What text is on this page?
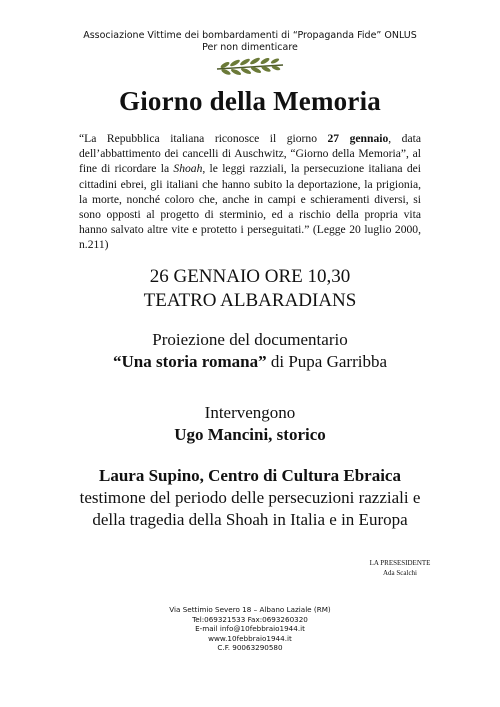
Associazione Vittime dei bombardamenti di “Propaganda Fide” ONLUS
Per non dimenticare
Giorno della Memoria
“La Repubblica italiana riconosce il giorno 27 gennaio, data dell’abbattimento dei cancelli di Auschwitz, “Giorno della Memoria”, al fine di ricordare la Shoah, le leggi razziali, la persecuzione italiana dei cittadini ebrei, gli italiani che hanno subito la deportazione, la prigionia, la morte, nonché coloro che, anche in campi e schieramenti diversi, si sono opposti al progetto di sterminio, ed a rischio della propria vita hanno salvato altre vite e protetto i perseguitati.” (Legge 20 luglio 2000, n.211)
26 GENNAIO ORE 10,30
TEATRO ALBARADIANS
Proiezione del documentario
“Una storia romana” di Pupa Garribba
Intervengono
Ugo Mancini, storico
Laura Supino, Centro di Cultura Ebraica
testimone del periodo delle persecuzioni razziali e
della tragedia della Shoah in Italia e in Europa
LA PRESESIDENTE
Ada Scalchi
Via Settimio Severo 18 – Albano Laziale (RM)
Tel:069321533 Fax:0693260320
E-mail info@10febbraio1944.it
www.10febbraio1944.it
C.F. 90063290580
